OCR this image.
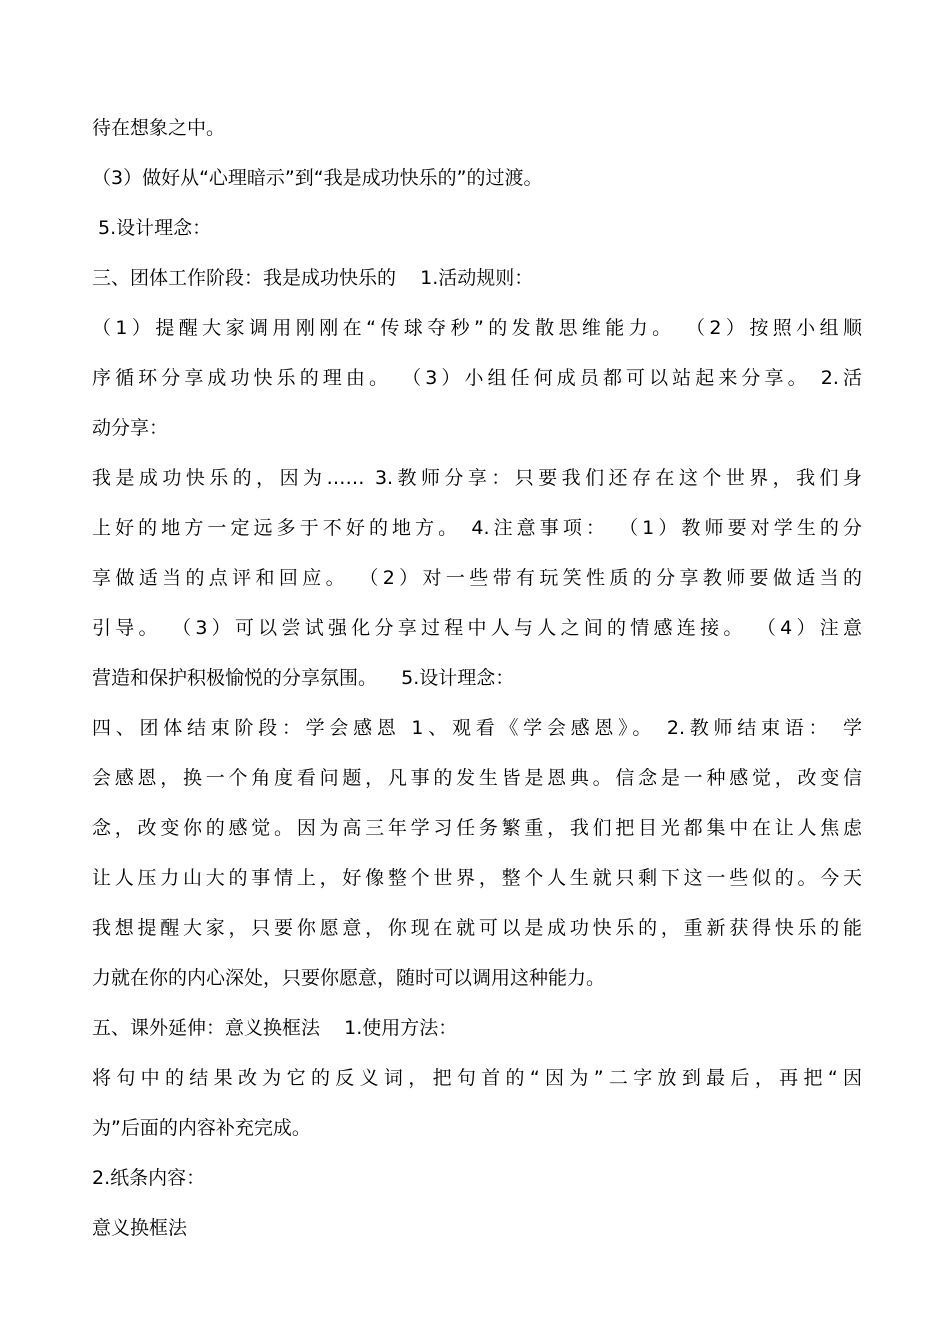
待在想象之中。
（3）做好从“心理暗示”到“我是成功快乐的”的过渡。
5.设计理念：
三、团体工作阶段：我是成功快乐的    1.活动规则：
（1）提醒大家调用刚刚在“传球夺秒”的发散思维能力。 （2）按照小组顺
序循环分享成功快乐的理由。 （3）小组任何成员都可以站起来分享。 2.活
动分享：
我是成功快乐的，因为…… 3.教师分享：只要我们还存在这个世界，我们身
上好的地方一定远多于不好的地方。 4.注意事项： （1）教师要对学生的分
享做适当的点评和回应。 （2）对一些带有玩笑性质的分享教师要做适当的
引导。 （3）可以尝试强化分享过程中人与人之间的情感连接。 （4）注意
营造和保护积极愉悦的分享氛围。    5.设计理念：
四、团体结束阶段：学会感恩 1、观看《学会感恩》。 2.教师结束语： 学
会感恩，换一个角度看问题，凡事的发生皆是恩典。信念是一种感觉，改变信
念，改变你的感觉。因为高三年学习任务繁重，我们把目光都集中在让人焦虑
让人压力山大的事情上，好像整个世界，整个人生就只剩下这一些似的。今天
我想提醒大家，只要你愿意，你现在就可以是成功快乐的，重新获得快乐的能
力就在你的内心深处，只要你愿意，随时可以调用这种能力。
五、课外延伸：意义换框法    1.使用方法：
将句中的结果改为它的反义词，把句首的“因为”二字放到最后，再把“因
为”后面的内容补充完成。
2.纸条内容：
意义换框法
